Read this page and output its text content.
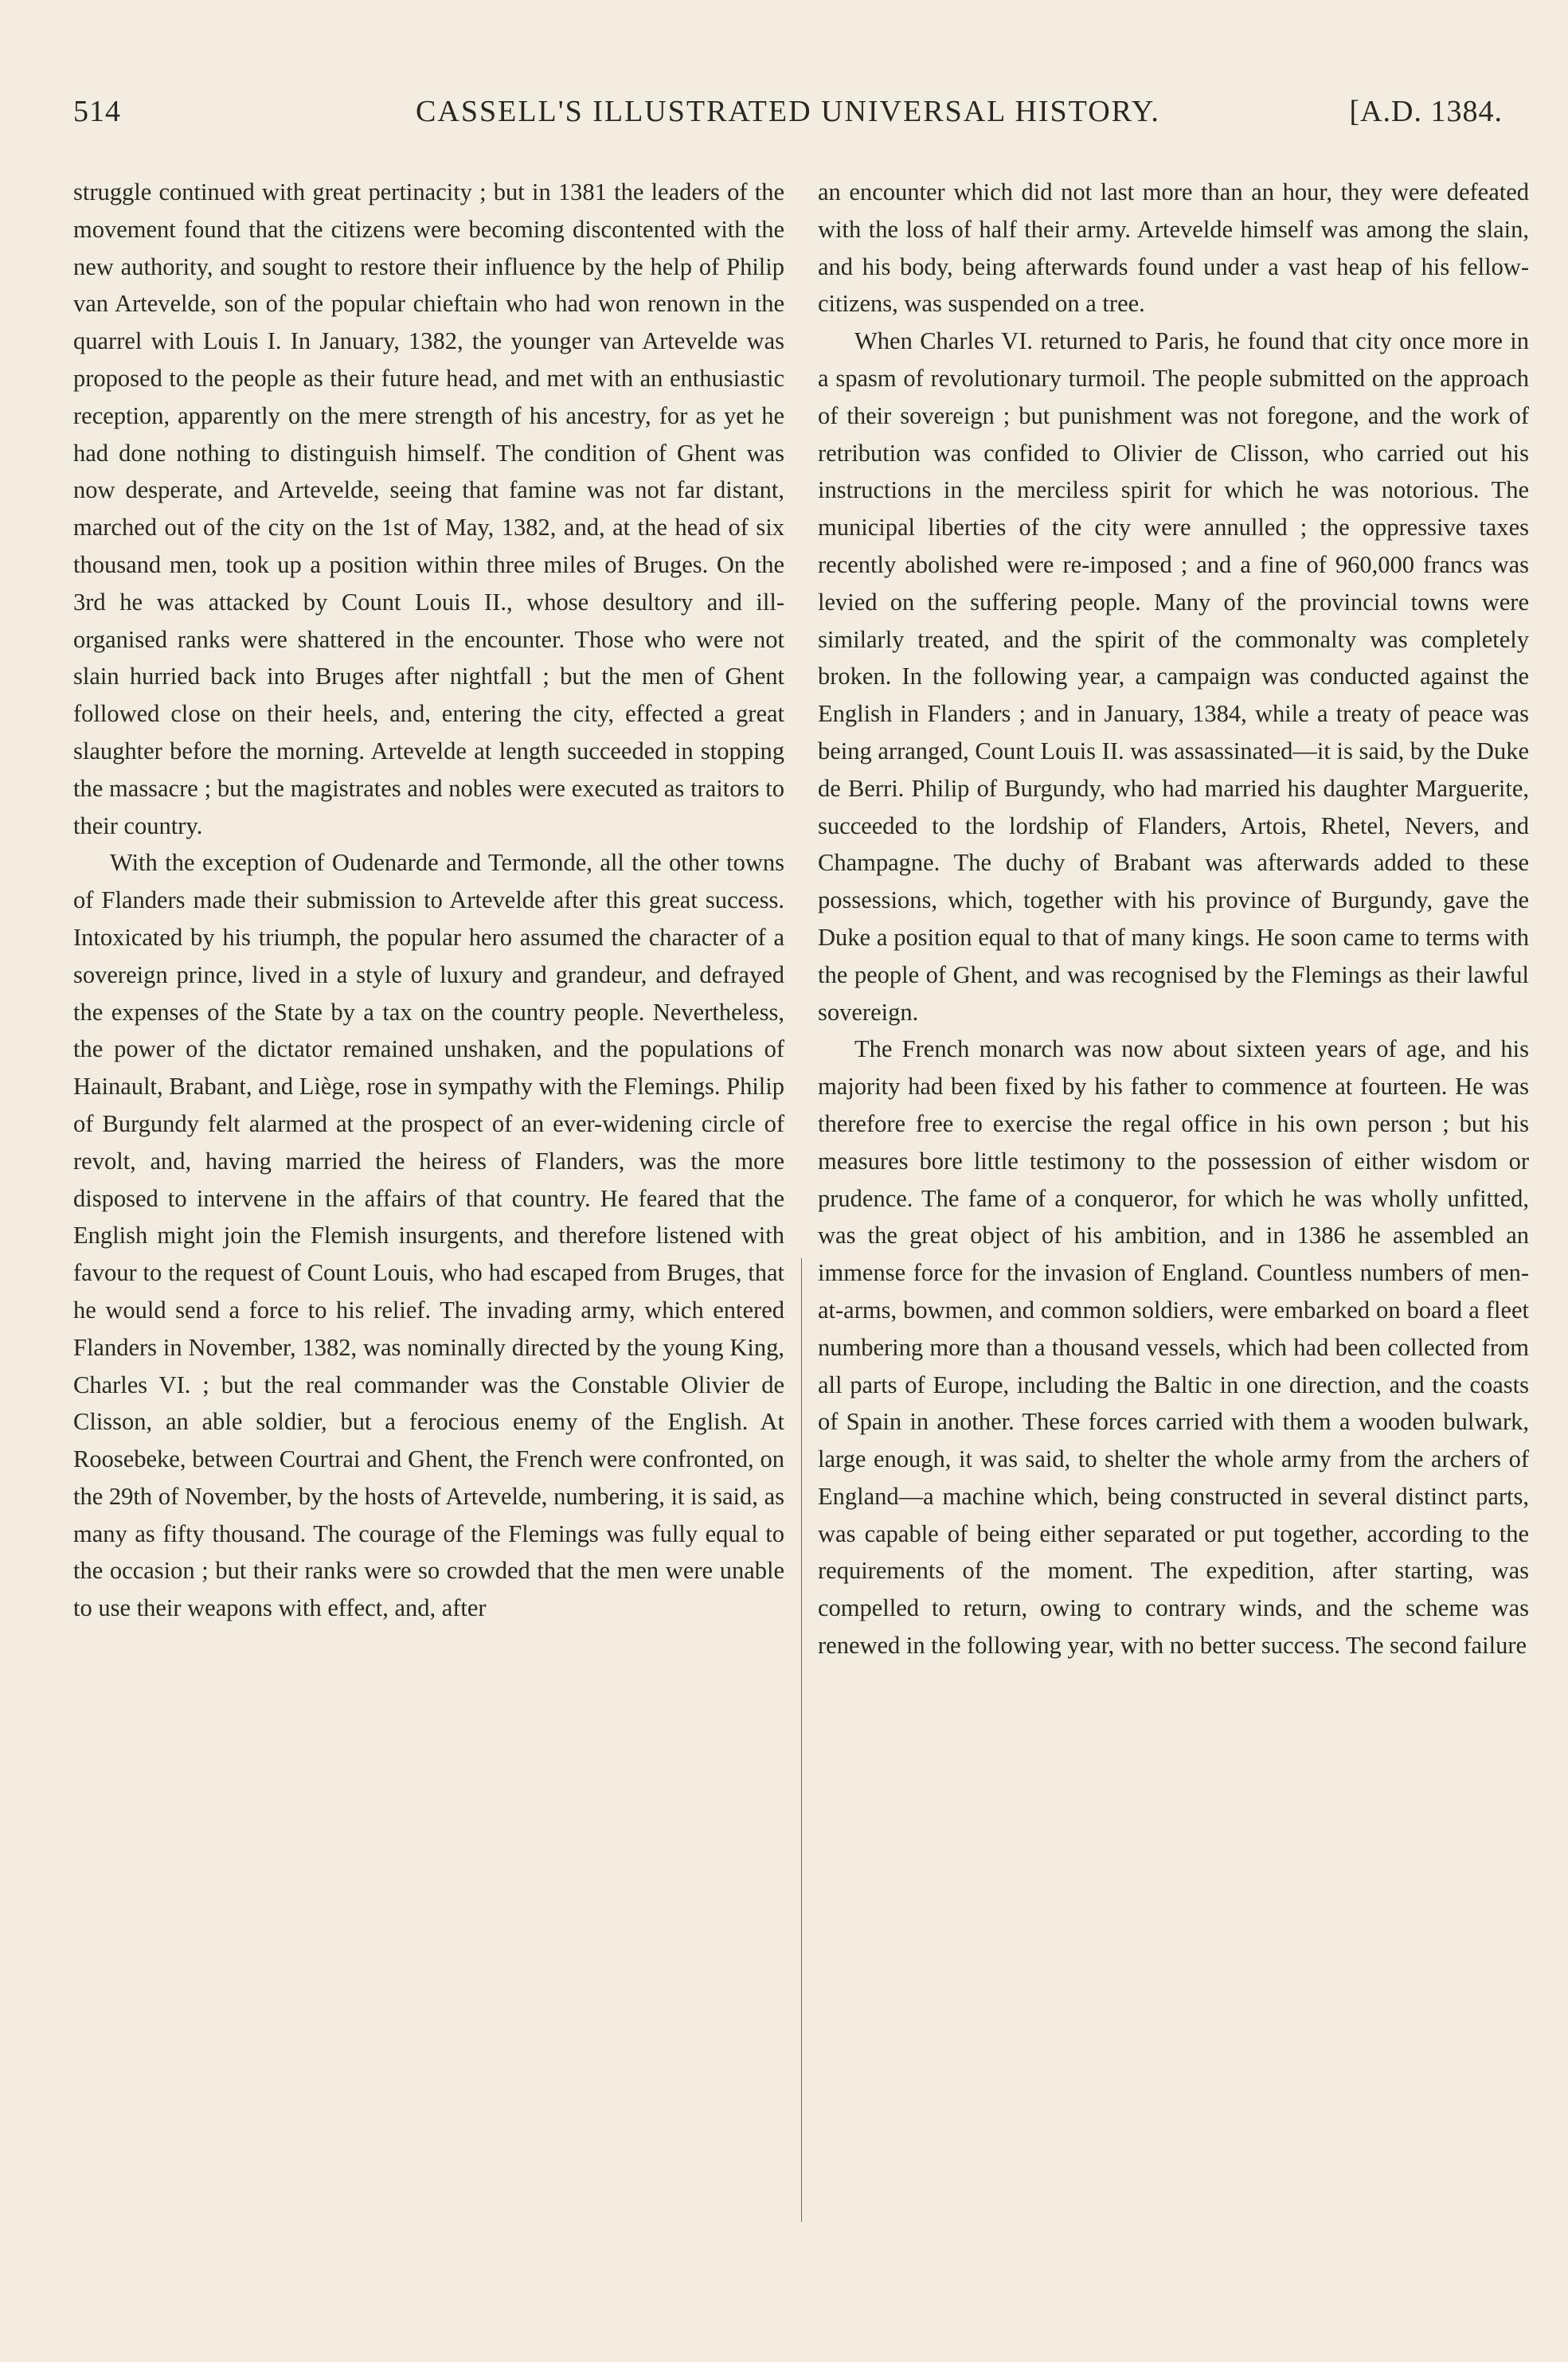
514	CASSELL'S ILLUSTRATED UNIVERSAL HISTORY.	[A.D. 1384.

struggle continued with great pertinacity ; but in 1381 the leaders of the movement found that the citizens were becoming discontented with the new authority, and sought to restore their influence by the help of Philip van Artevelde, son of the popular chieftain who had won renown in the quarrel with Louis I. In January, 1382, the younger van Artevelde was proposed to the people as their future head, and met with an enthusiastic reception, apparently on the mere strength of his ancestry, for as yet he had done nothing to distinguish himself. The condition of Ghent was now desperate, and Artevelde, seeing that famine was not far distant, marched out of the city on the 1st of May, 1382, and, at the head of six thousand men, took up a position within three miles of Bruges. On the 3rd he was attacked by Count Louis II., whose desultory and ill-organised ranks were shattered in the encounter. Those who were not slain hurried back into Bruges after nightfall ; but the men of Ghent followed close on their heels, and, entering the city, effected a great slaughter before the morning. Artevelde at length succeeded in stopping the massacre ; but the magistrates and nobles were executed as traitors to their country.

With the exception of Oudenarde and Termonde, all the other towns of Flanders made their submission to Artevelde after this great success. Intoxicated by his triumph, the popular hero assumed the character of a sovereign prince, lived in a style of luxury and grandeur, and defrayed the expenses of the State by a tax on the country people. Nevertheless, the power of the dictator remained unshaken, and the populations of Hainault, Brabant, and Liège, rose in sympathy with the Flemings. Philip of Burgundy felt alarmed at the prospect of an ever-widening circle of revolt, and, having married the heiress of Flanders, was the more disposed to intervene in the affairs of that country. He feared that the English might join the Flemish insurgents, and therefore listened with favour to the request of Count Louis, who had escaped from Bruges, that he would send a force to his relief. The invading army, which entered Flanders in November, 1382, was nominally directed by the young King, Charles VI. ; but the real commander was the Constable Olivier de Clisson, an able soldier, but a ferocious enemy of the English. At Roosebeke, between Courtrai and Ghent, the French were confronted, on the 29th of November, by the hosts of Artevelde, numbering, it is said, as many as fifty thousand. The courage of the Flemings was fully equal to the occasion ; but their ranks were so crowded that the men were unable to use their weapons with effect, and, after

an encounter which did not last more than an hour, they were defeated with the loss of half their army. Artevelde himself was among the slain, and his body, being afterwards found under a vast heap of his fellow-citizens, was suspended on a tree.

When Charles VI. returned to Paris, he found that city once more in a spasm of revolutionary turmoil. The people submitted on the approach of their sovereign ; but punishment was not foregone, and the work of retribution was confided to Olivier de Clisson, who carried out his instructions in the merciless spirit for which he was notorious. The municipal liberties of the city were annulled ; the oppressive taxes recently abolished were re-imposed ; and a fine of 960,000 francs was levied on the suffering people. Many of the provincial towns were similarly treated, and the spirit of the commonalty was completely broken. In the following year, a campaign was conducted against the English in Flanders ; and in January, 1384, while a treaty of peace was being arranged, Count Louis II. was assassinated—it is said, by the Duke de Berri. Philip of Burgundy, who had married his daughter Marguerite, succeeded to the lordship of Flanders, Artois, Rhetel, Nevers, and Champagne. The duchy of Brabant was afterwards added to these possessions, which, together with his province of Burgundy, gave the Duke a position equal to that of many kings. He soon came to terms with the people of Ghent, and was recognised by the Flemings as their lawful sovereign.

The French monarch was now about sixteen years of age, and his majority had been fixed by his father to commence at fourteen. He was therefore free to exercise the regal office in his own person ; but his measures bore little testimony to the possession of either wisdom or prudence. The fame of a conqueror, for which he was wholly unfitted, was the great object of his ambition, and in 1386 he assembled an immense force for the invasion of England. Countless numbers of men-at-arms, bowmen, and common soldiers, were embarked on board a fleet numbering more than a thousand vessels, which had been collected from all parts of Europe, including the Baltic in one direction, and the coasts of Spain in another. These forces carried with them a wooden bulwark, large enough, it was said, to shelter the whole army from the archers of England—a machine which, being constructed in several distinct parts, was capable of being either separated or put together, according to the requirements of the moment. The expedition, after starting, was compelled to return, owing to contrary winds, and the scheme was renewed in the following year, with no better success. The second failure
